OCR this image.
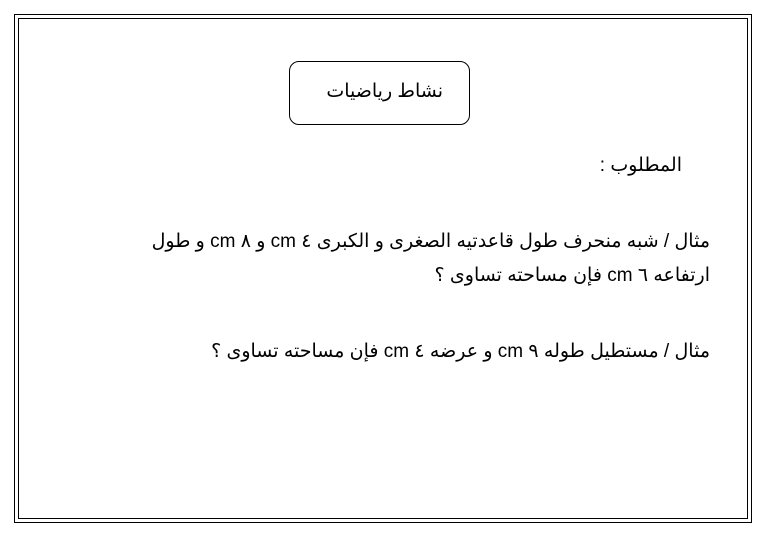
نشاط رياضيات
المطلوب :
مثال / شبه منحرف طول قاعدتيه الصغرى و الكبرى ٤ cm و ٨ cm و طول
ارتفاعه ٦ cm فإن مساحته تساوى ؟
مثال / مستطيل طوله ٩ cm و عرضه ٤ cm فإن مساحته تساوى ؟
